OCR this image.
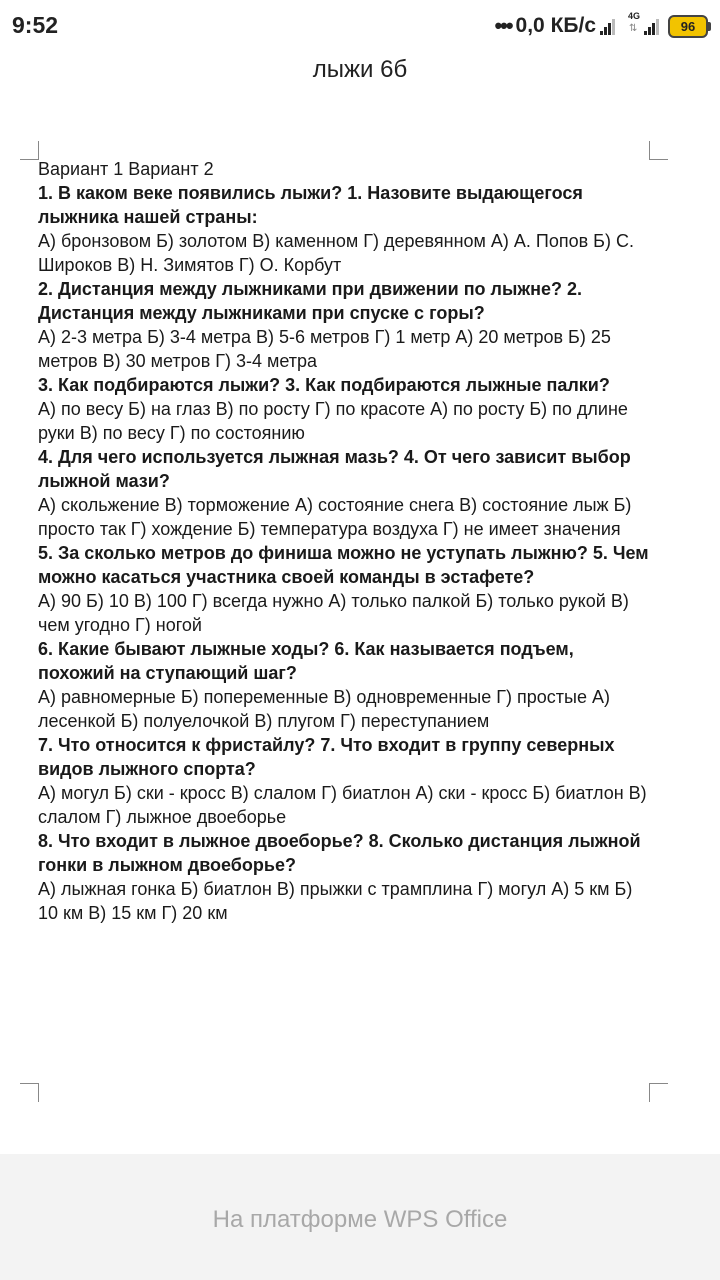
9:52	••• 0,0 КБ/с	4G
⇅	96
лыжи 6б

Вариант 1 Вариант 2

1. В каком веке появились лыжи? 1. Назовите выдающегося лыжника нашей страны:

А) бронзовом Б) золотом В) каменном Г) деревянном А) А. Попов Б) С. Широков В) Н. Зимятов Г) О. Корбут

2. Дистанция между лыжниками при движении по лыжне? 2. Дистанция между лыжниками при спуске с горы?

А) 2-3 метра Б) 3-4 метра В) 5-6 метров Г) 1 метр А) 20 метров Б) 25 метров В) 30 метров Г) 3-4 метра

3. Как подбираются лыжи? 3. Как подбираются лыжные палки?

А) по весу Б) на глаз В) по росту Г) по красоте А) по росту Б) по длине руки В) по весу Г) по состоянию

4. Для чего используется лыжная мазь? 4. От чего зависит выбор лыжной мази?

А) скольжение В) торможение А) состояние снега В) состояние лыж Б) просто так Г) хождение Б) температура воздуха Г) не имеет значения

5. За сколько метров до финиша можно не уступать лыжню? 5. Чем можно касаться участника своей команды в эстафете?

А) 90 Б) 10 В) 100 Г) всегда нужно А) только палкой Б) только рукой В) чем угодно Г) ногой

6. Какие бывают лыжные ходы? 6. Как называется подъем, похожий на ступающий шаг?

А) равномерные Б) попеременные В) одновременные Г) простые А) лесенкой Б) полуелочкой В) плугом Г) переступанием

7. Что относится к фристайлу? 7. Что входит в группу северных видов лыжного спорта?

А) могул Б) ски - кросс В) слалом Г) биатлон А) ски - кросс Б) биатлон В) слалом Г) лыжное двоеборье

8. Что входит в лыжное двоеборье? 8. Сколько дистанция лыжной гонки в лыжном двоеборье?

А) лыжная гонка Б) биатлон В) прыжки с трамплина Г) могул А) 5 км Б) 10 км В) 15 км Г) 20 км

На платформе WPS Office
